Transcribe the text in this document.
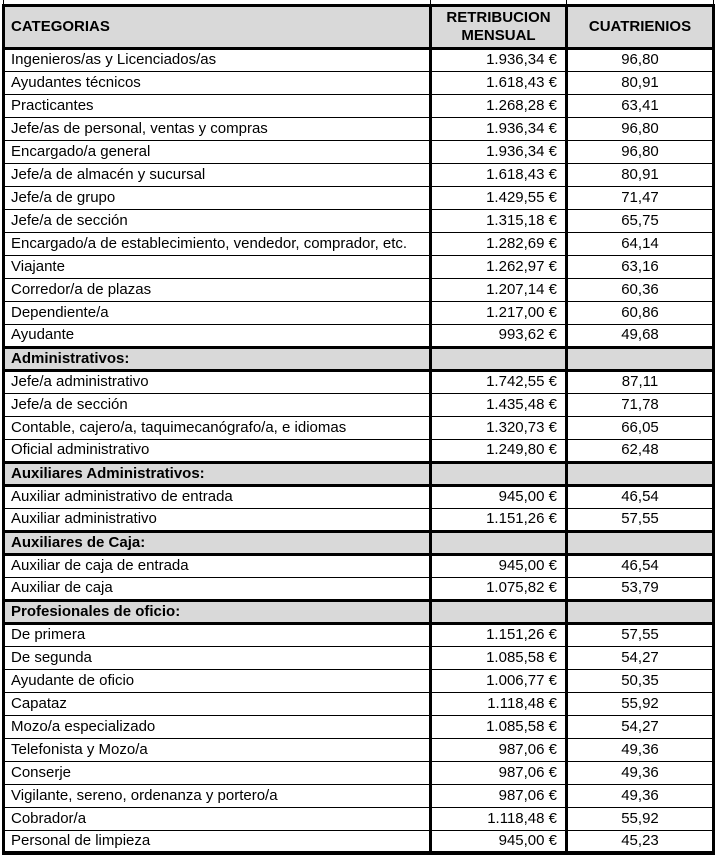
CATEGORIAS	RETRIBUCION MENSUAL	CUATRIENIOS
Ingenieros/as y Licenciados/as	1.936,34 €	96,80
Ayudantes técnicos	1.618,43 €	80,91
Practicantes	1.268,28 €	63,41
Jefe/as de personal, ventas y compras	1.936,34 €	96,80
Encargado/a general	1.936,34 €	96,80
Jefe/a de almacén y sucursal	1.618,43 €	80,91
Jefe/a de grupo	1.429,55 €	71,47
Jefe/a de sección	1.315,18 €	65,75
Encargado/a de establecimiento, vendedor, comprador, etc.	1.282,69 €	64,14
Viajante	1.262,97 €	63,16
Corredor/a de plazas	1.207,14 €	60,36
Dependiente/a	1.217,00 €	60,86
Ayudante	993,62 €	49,68
Administrativos:		
Jefe/a administrativo	1.742,55 €	87,11
Jefe/a de sección	1.435,48 €	71,78
Contable, cajero/a, taquimecanógrafo/a, e idiomas	1.320,73 €	66,05
Oficial administrativo	1.249,80 €	62,48
Auxiliares Administrativos:		
Auxiliar administrativo de entrada	945,00 €	46,54
Auxiliar administrativo	1.151,26 €	57,55
Auxiliares de Caja:		
Auxiliar de caja de entrada	945,00 €	46,54
Auxiliar de caja	1.075,82 €	53,79
Profesionales de oficio:		
De primera	1.151,26 €	57,55
De segunda	1.085,58 €	54,27
Ayudante de oficio	1.006,77 €	50,35
Capataz	1.118,48 €	55,92
Mozo/a especializado	1.085,58 €	54,27
Telefonista y Mozo/a	987,06 €	49,36
Conserje	987,06 €	49,36
Vigilante, sereno, ordenanza y portero/a	987,06 €	49,36
Cobrador/a	1.118,48 €	55,92
Personal de limpieza	945,00 €	45,23
